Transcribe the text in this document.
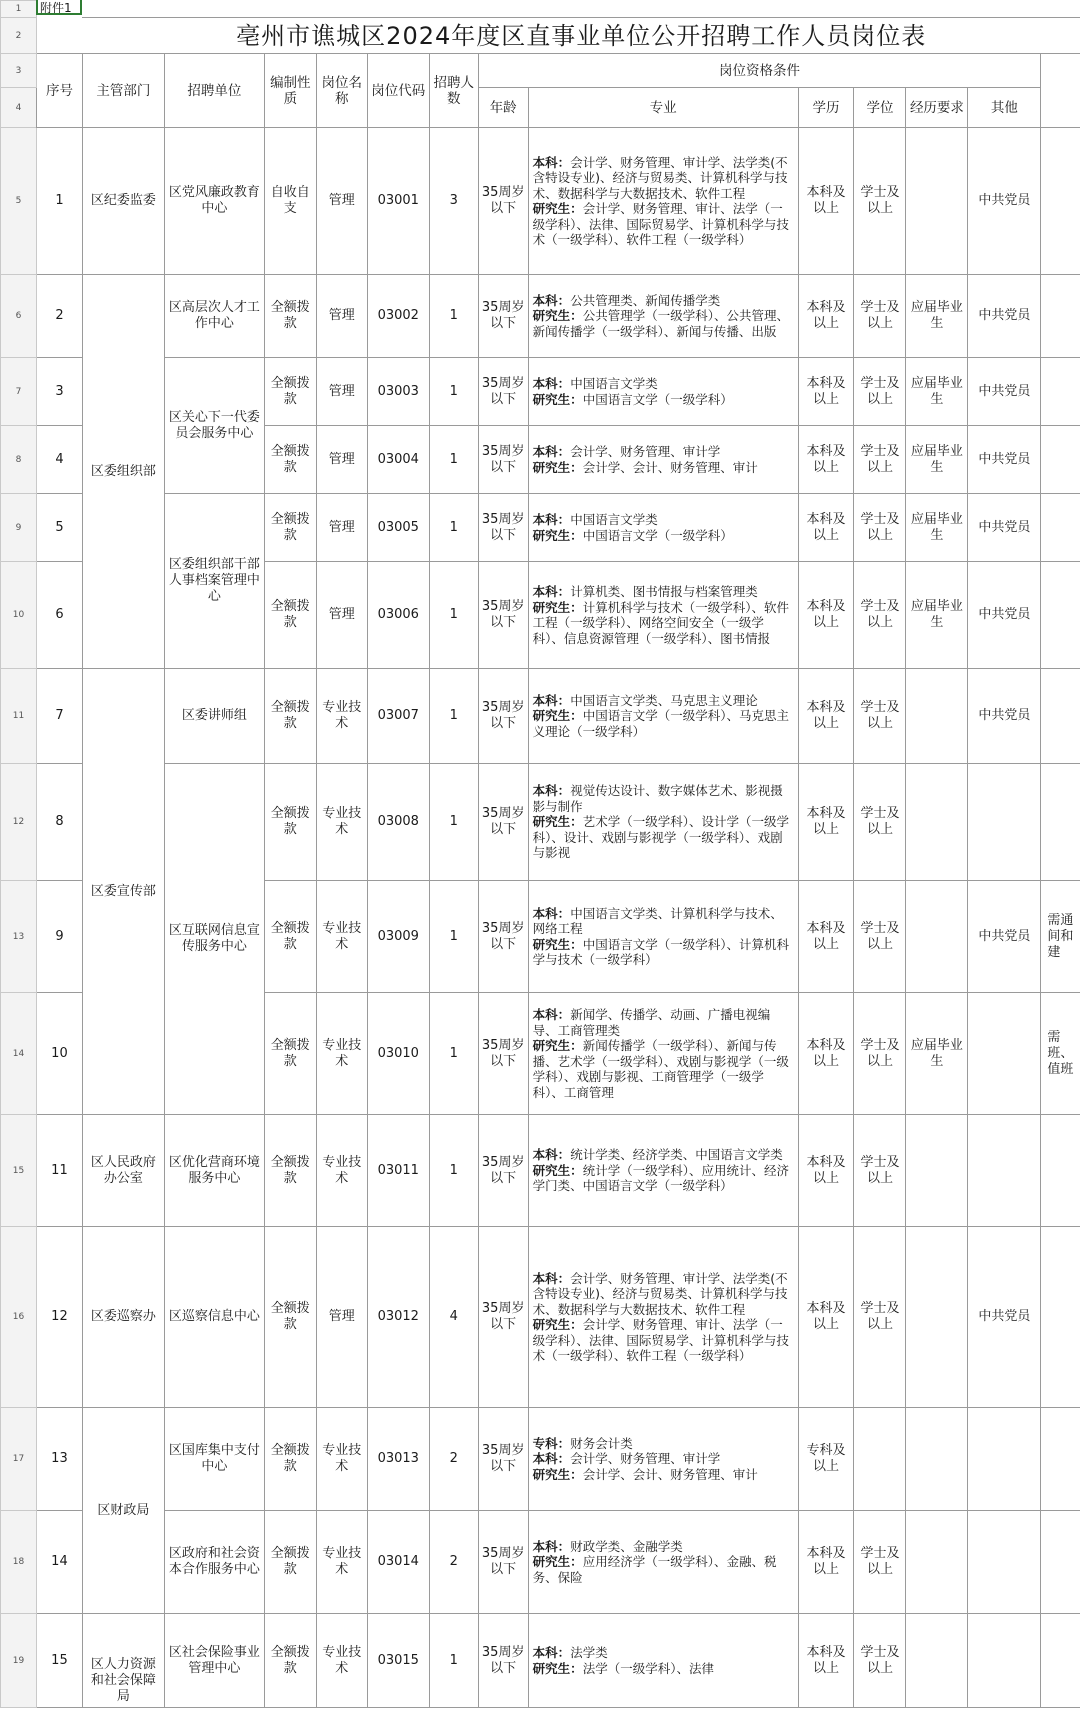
1														
2		亳州市谯城区2024年度区直事业单位公开招聘工作人员岗位表												
3	序号	主管部门	招聘单位	编制性质	岗位名称	岗位代码	招聘人数	岗位资格条件						
4								年龄	专业	学历	学位	经历要求	其他	
5	1	区纪委监委	区党风廉政教育中心	自收自支	管理	03001	3	35周岁以下	本科：会计学、财务管理、审计学、法学类(不含特设专业)、经济与贸易类、计算机科学与技术、数据科学与大数据技术、软件工程
研究生：会计学、财务管理、审计、法学（一级学科）、法律、国际贸易学、计算机科学与技术（一级学科）、软件工程（一级学科）	本科及以上	学士及以上		中共党员	
6	2	区委组织部	区高层次人才工作中心	全额拨款	管理	03002	1	35周岁以下	本科：公共管理类、新闻传播学类
研究生：公共管理学（一级学科）、公共管理、新闻传播学（一级学科）、新闻与传播、出版	本科及以上	学士及以上	应届毕业生	中共党员	
7	3		区关心下一代委员会服务中心	全额拨款	管理	03003	1	35周岁以下	本科：中国语言文学类
研究生：中国语言文学（一级学科）	本科及以上	学士及以上	应届毕业生	中共党员	
8	4			全额拨款	管理	03004	1	35周岁以下	本科：会计学、财务管理、审计学
研究生：会计学、会计、财务管理、审计	本科及以上	学士及以上	应届毕业生	中共党员	
9	5		区委组织部干部人事档案管理中心	全额拨款	管理	03005	1	35周岁以下	本科：中国语言文学类
研究生：中国语言文学（一级学科）	本科及以上	学士及以上	应届毕业生	中共党员	
10	6			全额拨款	管理	03006	1	35周岁以下	本科：计算机类、图书情报与档案管理类
研究生：计算机科学与技术（一级学科）、软件工程（一级学科）、网络空间安全（一级学科）、信息资源管理（一级学科）、图书情报	本科及以上	学士及以上	应届毕业生	中共党员	
11	7	区委宣传部	区委讲师组	全额拨款	专业技术	03007	1	35周岁以下	本科：中国语言文学类、马克思主义理论
研究生：中国语言文学（一级学科）、马克思主义理论（一级学科）	本科及以上	学士及以上		中共党员	
12	8		区互联网信息宣传服务中心	全额拨款	专业技术	03008	1	35周岁以下	本科：视觉传达设计、数字媒体艺术、影视摄影与制作
研究生：艺术学（一级学科）、设计学（一级学科）、设计、戏剧与影视学（一级学科）、戏剧与影视	本科及以上	学士及以上			
13	9			全额拨款	专业技术	03009	1	35周岁以下	本科：中国语言文学类、计算机科学与技术、网络工程
研究生：中国语言文学（一级学科）、计算机科学与技术（一级学科）	本科及以上	学士及以上		中共党员	需通间和建
14	10			全额拨款	专业技术	03010	1	35周岁以下	本科：新闻学、传播学、动画、广播电视编导、工商管理类
研究生：新闻传播学（一级学科）、新闻与传播、艺术学（一级学科）、戏剧与影视学（一级学科）、戏剧与影视、工商管理学（一级学科）、工商管理	本科及以上	学士及以上	应届毕业生		需班、值班
15	11	区人民政府办公室	区优化营商环境服务中心	全额拨款	专业技术	03011	1	35周岁以下	本科：统计学类、经济学类、中国语言文学类
研究生：统计学（一级学科）、应用统计、经济学门类、中国语言文学（一级学科）	本科及以上	学士及以上			
16	12	区委巡察办	区巡察信息中心	全额拨款	管理	03012	4	35周岁以下	本科：会计学、财务管理、审计学、法学类(不含特设专业)、经济与贸易类、计算机科学与技术、数据科学与大数据技术、软件工程
研究生：会计学、财务管理、审计、法学（一级学科）、法律、国际贸易学、计算机科学与技术（一级学科）、软件工程（一级学科）	本科及以上	学士及以上		中共党员	
17	13	区财政局	区国库集中支付中心	全额拨款	专业技术	03013	2	35周岁以下	专科：财务会计类
本科：会计学、财务管理、审计学
研究生：会计学、会计、财务管理、审计	专科及以上				
18	14		区政府和社会资本合作服务中心	全额拨款	专业技术	03014	2	35周岁以下	本科：财政学类、金融学类
研究生：应用经济学（一级学科）、金融、税务、保险	本科及以上	学士及以上			
19	15	区人力资源和社会保障局	区社会保险事业管理中心	全额拨款	专业技术	03015	1	35周岁以下	本科：法学类
研究生：法学（一级学科）、法律	本科及以上	学士及以上			
附件1
